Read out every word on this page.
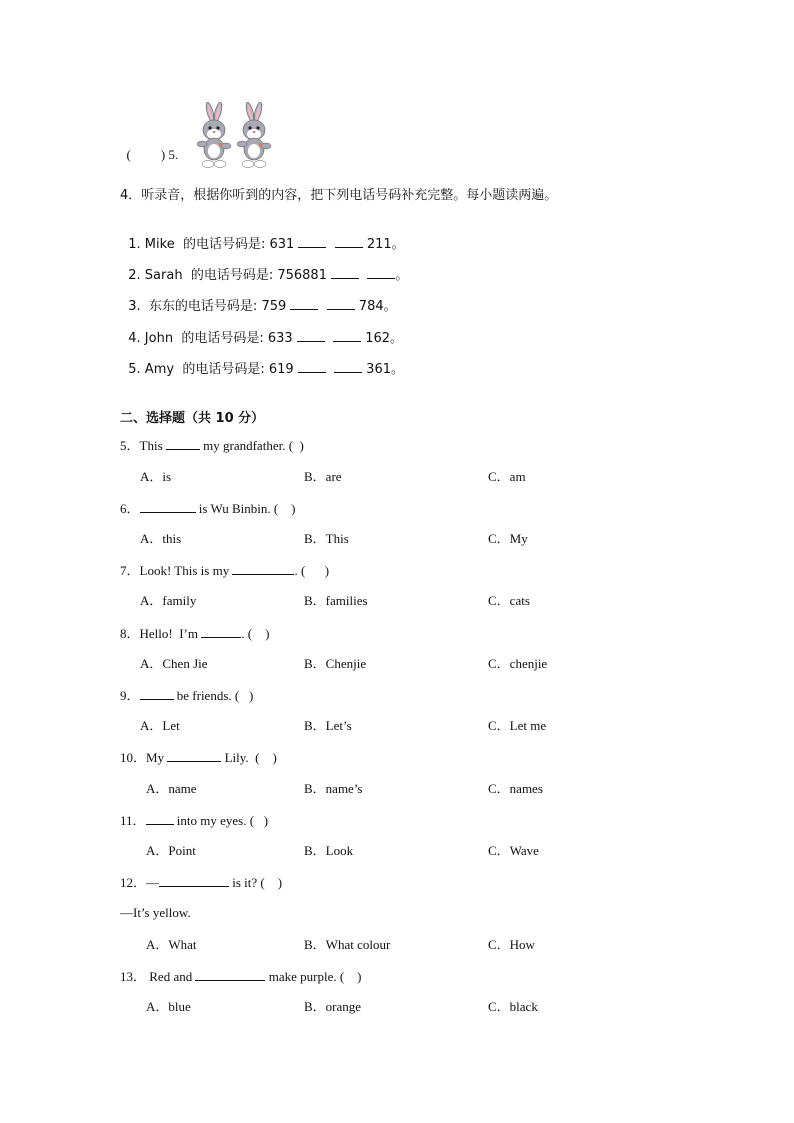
( ) 5.

4．听录音，根据你听到的内容，把下列电话号码补充完整。每小题读两遍。

1. Mike  的电话号码是: 631	211。

2. Sarah  的电话号码是: 756881	。

3.  东东的电话号码是: 759	784。

4. John  的电话号码是: 633	162。

5. Amy  的电话号码是: 619	361。

二、选择题（共 10 分）
5．This	my grandfather. (  )
A．is	B．are	C．am
6．	is Wu Binbin. (    )
A．this	B．This	C．My
7．Look! This is my	. (      )
A．family	B．families	C．cats
8．Hello!  I’m	. (    )
A．Chen Jie	B．Chenjie	C．chenjie
9．	be friends. (   )
A．Let	B．Let’s	C．Let me
10．My	Lily.  (    )
A．name	B．name’s	C．names
11． into my eyes. (   )
A．Point	B．Look	C．Wave
12．—	is it? (    )
—It’s yellow.
A．What	B．What colour	C．How
13． Red and	make purple. (    )
A．blue	B．orange	C．black
